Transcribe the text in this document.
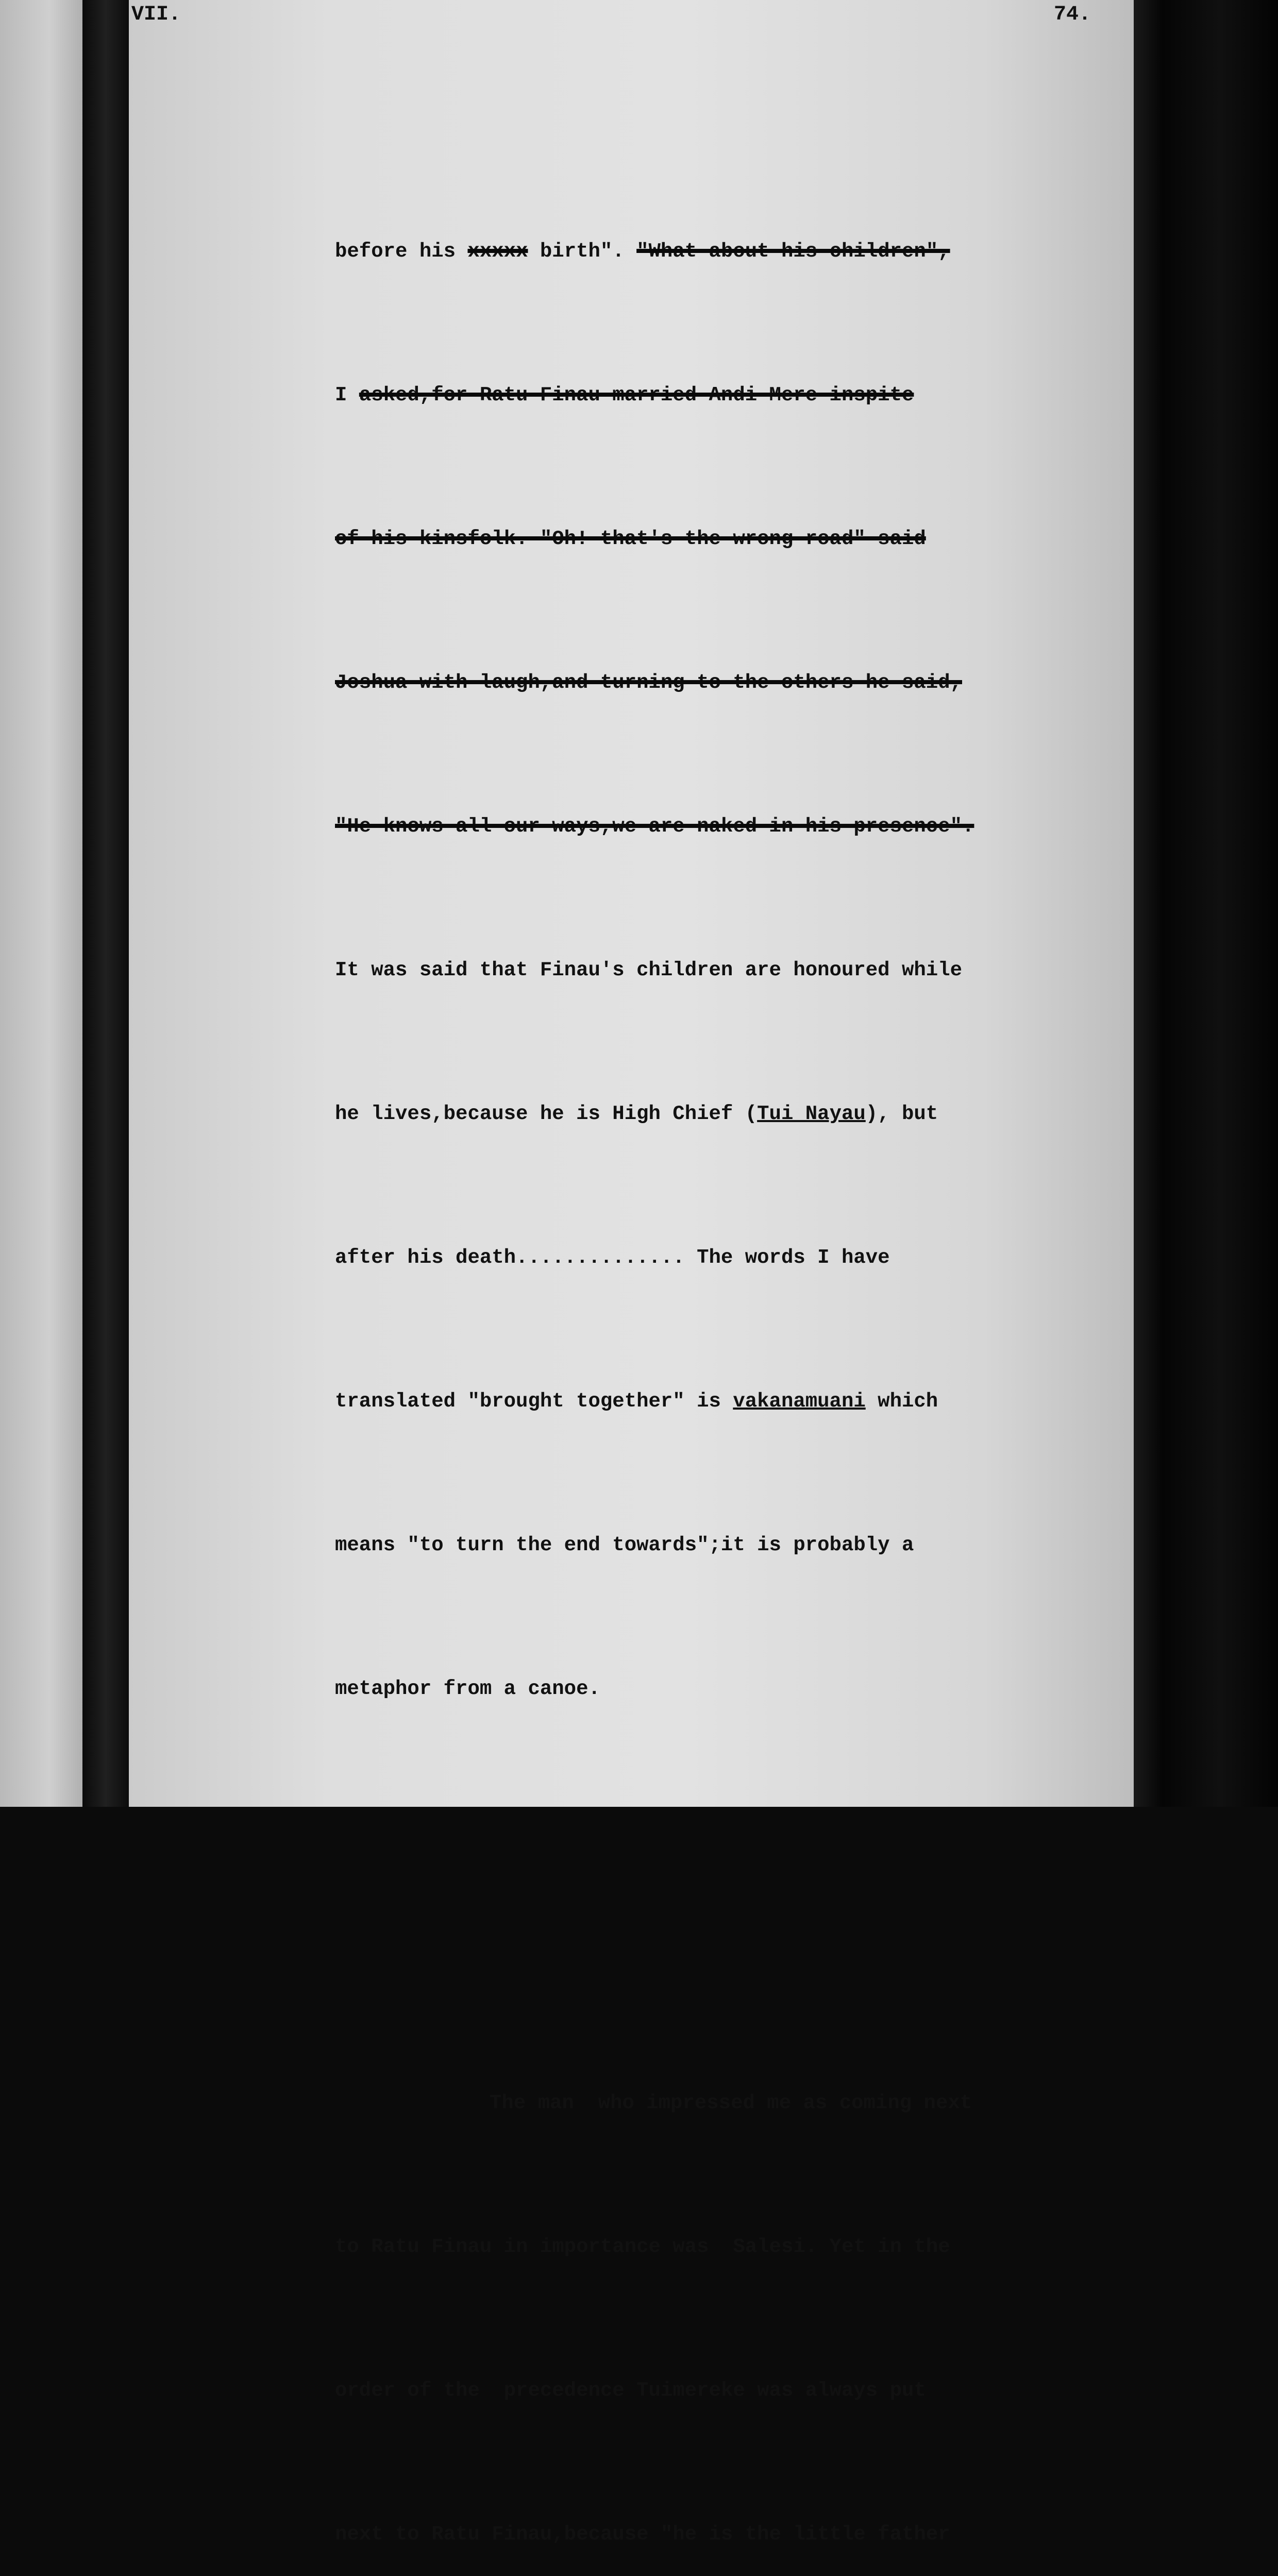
VII.	74.

before his xxxxx birth". "What about his children",

I asked,for Ratu Finau married Andi Mere inspite

of his kinsfolk. "Oh! that's the wrong road" said

Joshua with laugh,and turning to the others he said,

"He knows all our ways,we are naked in his presence".

It was said that Finau's children are honoured while

he lives,because he is High Chief (Tui Nayau), but

after his death.............. The words I have

translated "brought together" is vakanamuani which

means "to turn the end towards";it is probably a

metaphor from a canoe.

The man  who impressed me as coming next

to Ratu Finau in importance was  Salesi. Yet in the

order of the  precedence Tuimereke was always put

next to Ratu Finau,because "he is the little father
